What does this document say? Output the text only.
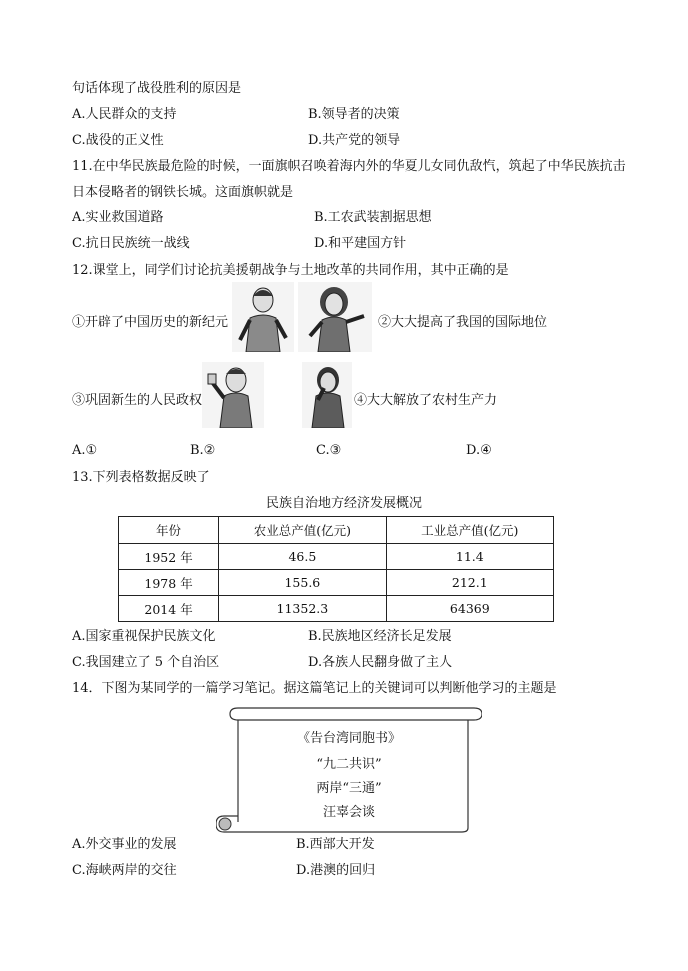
句话体现了战役胜利的原因是
A.人民群众的支持	B.领导者的决策
C.战役的正义性	D.共产党的领导
11.在中华民族最危险的时候，一面旗帜召唤着海内外的华夏儿女同仇敌忾，筑起了中华民族抗击
日本侵略者的钢铁长城。这面旗帜就是
A.实业救国道路	B.工农武装割据思想
C.抗日民族统一战线	D.和平建国方针
12.课堂上，同学们讨论抗美援朝战争与土地改革的共同作用，其中正确的是
①开辟了中国历史的新纪元	②大大提高了我国的国际地位
③巩固新生的人民政权	④大大解放了农村生产力
A.①	B.②	C.③	D.④
13.下列表格数据反映了
民族自治地方经济发展概况
年份	农业总产值(亿元)	工业总产值(亿元)
1952 年	46.5	11.4
1978 年	155.6	212.1
2014 年	11352.3	64369
A.国家重视保护民族文化	B.民族地区经济长足发展
C.我国建立了 5 个自治区	D.各族人民翻身做了主人
14．下图为某同学的一篇学习笔记。据这篇笔记上的关键词可以判断他学习的主题是
《告台湾同胞书》
“九二共识”
两岸“三通”
汪辜会谈
A.外交事业的发展	B.西部大开发
C.海峡两岸的交往	D.港澳的回归
